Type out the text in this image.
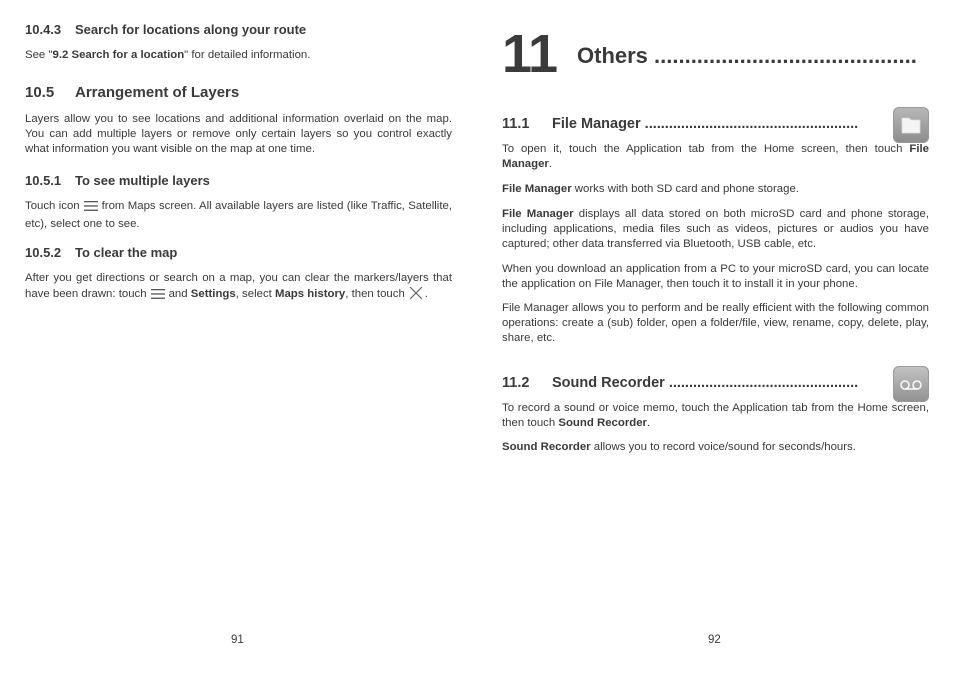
10.4.3 Search for locations along your route

See "9.2 Search for a location" for detailed information.

10.5 Arrangement of Layers

Layers allow you to see locations and additional information overlaid on the map. You can add multiple layers or remove only certain layers so you control exactly what information you want visible on the map at one time.

10.5.1 To see multiple layers

Touch icon from Maps screen. All available layers are listed (like Traffic, Satellite, etc), select one to see.

10.5.2 To clear the map

After you get directions or search on a map, you can clear the markers/layers that have been drawn: touch and Settings, select Maps history, then touch .

91
11 Others ...........................................
11.1 File Manager .....................................................

To open it, touch the Application tab from the Home screen, then touch File Manager.

File Manager works with both SD card and phone storage.

File Manager displays all data stored on both microSD card and phone storage, including applications, media files such as videos, pictures or audios you have captured; other data transferred via Bluetooth, USB cable, etc.

When you download an application from a PC to your microSD card, you can locate the application on File Manager, then touch it to install it in your phone.

File Manager allows you to perform and be really efficient with the following common operations: create a (sub) folder, open a folder/file, view, rename, copy, delete, play, share, etc.

11.2 Sound Recorder ...............................................

To record a sound or voice memo, touch the Application tab from the Home screen, then touch Sound Recorder.

Sound Recorder allows you to record voice/sound for seconds/hours.

92
